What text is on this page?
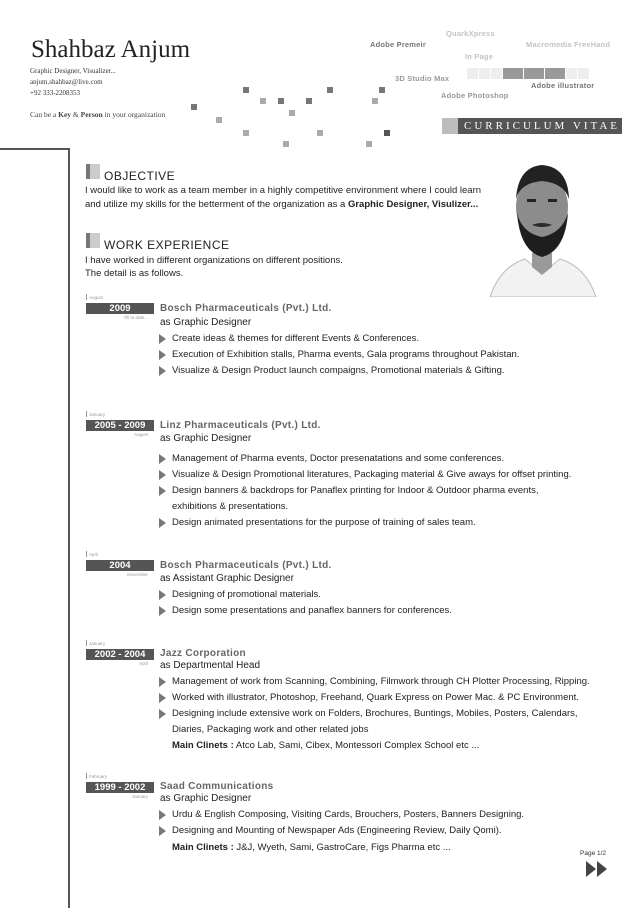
Shahbaz Anjum
Graphic Designer, Visualizer...
anjum.shahbaz@live.com
+92 333-2208353
Can be a Key & Person in your organization
QuarkXpress
Adobe Premeir	Macromedia FreeHand
In Page
3D Studio Max
Adobe illustrator
Adobe Photoshop
CURRICULUM VITAE
OBJECTIVE
I would like to work as a team member in a highly competitive environment where I could learn
and utilize my skills for the betterment of the organization as a Graphic Designer, Visulizer...
WORK EXPERIENCE
I have worked in different organizations on different positions.
The detail is as follows.
August
2009
Till to date...
Bosch Pharmaceuticals (Pvt.) Ltd.
as Graphic Designer
Create ideas & themes for different Events & Conferences.
Execution of Exhibition stalls, Pharma events, Gala programs throughout Pakistan.
Visualize & Design Product launch compaigns, Promotional materials & Gifting.
January
2005 - 2009
August
Linz Pharmaceuticals (Pvt.) Ltd.
as Graphic Designer
Management of Pharma events, Doctor presenatations and some conferences.
Visualize & Design Promotional literatures, Packaging material & Give aways for offset printing.
Design banners & backdrops for Panaflex printing for Indoor & Outdoor pharma events,
exhibitions & presentations.
Design animated presentations for the purpose of training of sales team.
April
2004
December
Bosch Pharmaceuticals (Pvt.) Ltd.
as Assistant Graphic Designer
Designing of promotional materials.
Design some presentations and panaflex banners for conferences.
January
2002 - 2004
April
Jazz Corporation
as Departmental Head
Management of work from Scanning, Combining, Filmwork through CH Plotter Processing, Ripping.
Worked with illustrator, Photoshop, Freehand, Quark Express on Power Mac. & PC Environment.
Designing include extensive work on Folders, Brochures, Buntings, Mobiles, Posters, Calendars,
Diaries, Packaging work and other related jobs
Main Clinets : Atco Lab, Sami, Cibex, Montessori Complex School etc ...
February
1999 - 2002
January
Saad Communications
as Graphic Designer
Urdu & English Composing, Visiting Cards, Brouchers, Posters, Banners Designing.
Designing and Mounting of Newspaper Ads (Engineering Review, Daily Qomi).
Main Clinets : J&J, Wyeth, Sami, GastroCare, Figs Pharma etc ...
Page 1/2
